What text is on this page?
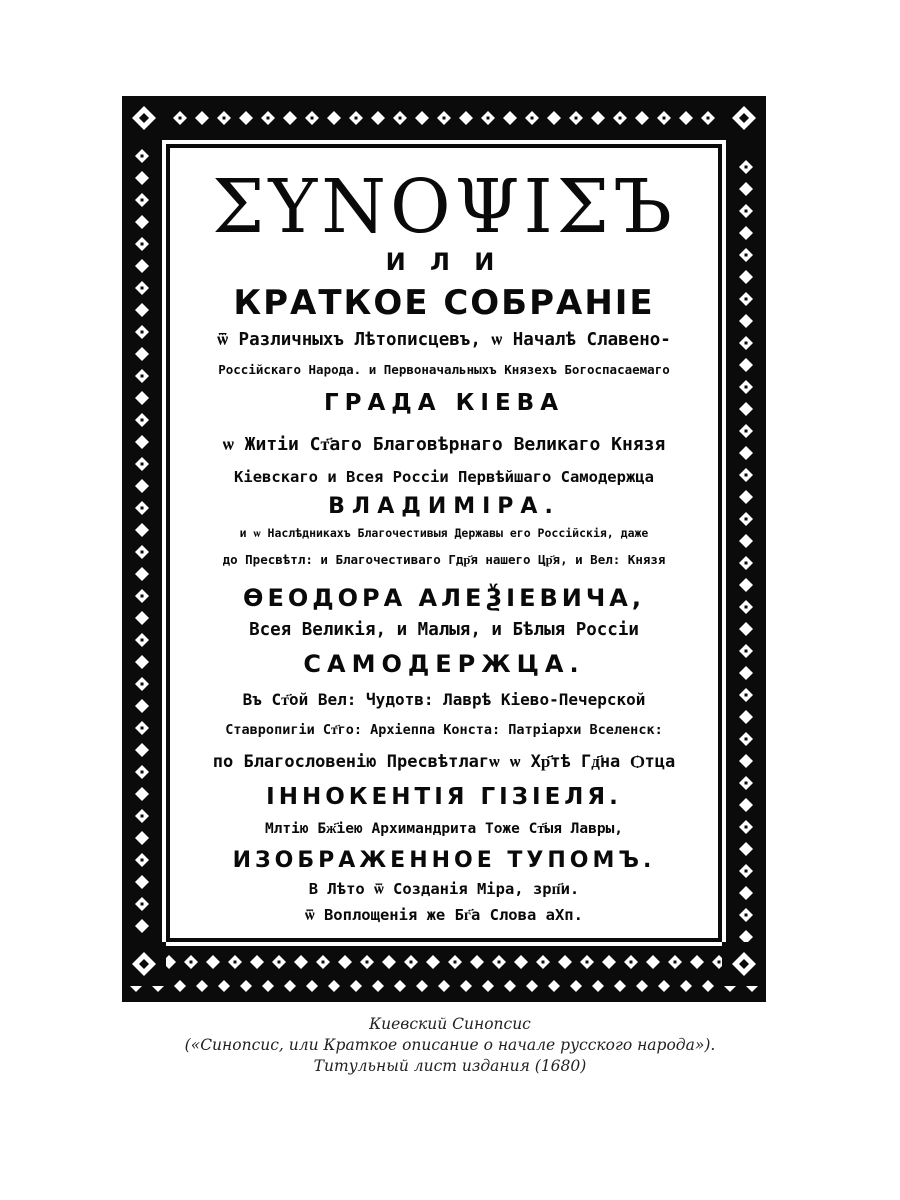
ΣΥΝΟΨΙΣЪ
И Л И
КРАТКОЕ СОБРАНІЕ
ѿ Различныхъ Лѣтописцевъ, ѡ Началѣ Славено-
Россійскаго Народа. и Первоначальныхъ Князехъ Богоспасаемаго
ГРАДА КІЕВА
ѡ Житіи Ст҃аго Благовѣрнаго Великаго Князя
Кіевскаго и Всея Россіи Первѣйшаго Самодержца
ВЛАДИМІРА.
и ѡ Наслѣдникахъ Благочестивыя Державы его Россійскія, даже
до Пресвѣтл: и Благочестиваго Гдр҃я нашего Цр҃я, и Вел: Князя
ѲЕОДОРА АЛЕѮІЕВИЧА,
Всея Великія, и Малыя, и Бѣлыя Россіи
САМОДЕРЖЦА.
Въ Ст҃ой Вел: Чудотв: Лаврѣ Кіево-Печерской
Ставропигіи Ст҃го: Архіеппа Конста: Патріархи Вселенск:
по Благословенію Пресвѣтлагѡ ѡ Хр҃тѣ Гд҃на Ѻтца
ІННОКЕНТІЯ ГІЗІЕЛЯ.
Млтію Бж҃іею Архимандрита Тоже Ст҃ыя Лавры,
ИЗОБРАЖЕННОЕ ТУПОМЪ.
В Лѣто ѿ Созданія Міра, зрп҃и.
ѿ Воплощенія же Бг҃а Слова аХп.
Киевский Синопсис
(«Синопсис, или Краткое описание о начале русского народа»).
Титульный лист издания (1680)
